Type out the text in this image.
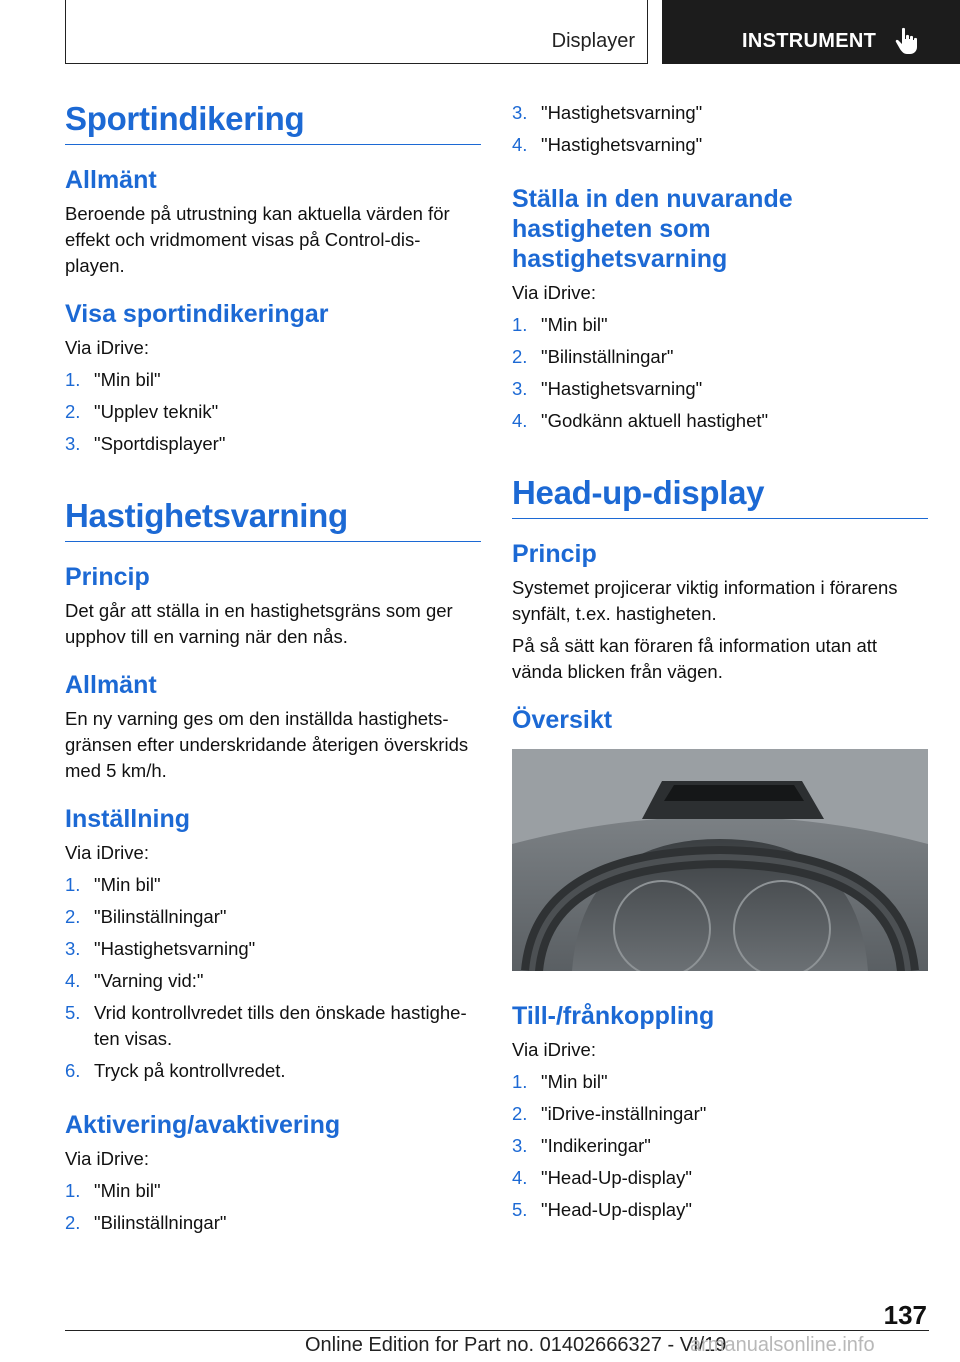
Displayer	INSTRUMENT
Sportindikering
Allmänt

Beroende på utrustning kan aktuella värden för effekt och vridmoment visas på Control-dis- playen.

Visa sportindikeringar

Via iDrive:

1. "Min bil"
2. "Upplev teknik"
3. "Sportdisplayer"
Hastighetsvarning
Princip

Det går att ställa in en hastighetsgräns som ger upphov till en varning när den nås.

Allmänt

En ny varning ges om den inställda hastighets- gränsen efter underskridande återigen överskrids med 5 km/h.

Inställning

Via iDrive:

1. "Min bil"
2. "Bilinställningar"
3. "Hastighetsvarning"
4. "Varning vid:"
5. Vrid kontrollvredet tills den önskade hastighe- ten visas.
6. Tryck på kontrollvredet.
Aktivering/avaktivering

Via iDrive:

1. "Min bil"
2. "Bilinställningar"
3. "Hastighetsvarning"
4. "Hastighetsvarning"
Ställa in den nuvarande hastigheten som hastighetsvarning

Via iDrive:

1. "Min bil"
2. "Bilinställningar"
3. "Hastighetsvarning"
4. "Godkänn aktuell hastighet"
Head-up-display
Princip

Systemet projicerar viktig information i förarens synfält, t.ex. hastigheten.

På så sätt kan föraren få information utan att vända blicken från vägen.

Översikt
Till-/frånkoppling

Via iDrive:

1. "Min bil"
2. "iDrive-inställningar"
3. "Indikeringar"
4. "Head-Up-display"
5. "Head-Up-display"
137
Online Edition for Part no. 01402666327 - VI/19
armanualsonline.info
